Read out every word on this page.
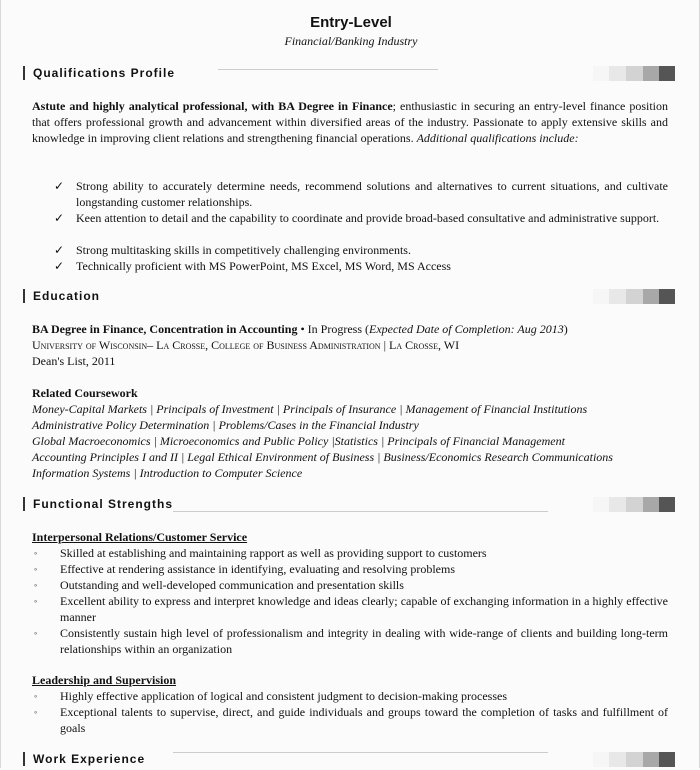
Entry-Level
Financial/Banking Industry
Qualifications Profile
Astute and highly analytical professional, with BA Degree in Finance; enthusiastic in securing an entry-level finance position that offers professional growth and advancement within diversified areas of the industry. Passionate to apply extensive skills and knowledge in improving client relations and strengthening financial operations. Additional qualifications include:
✓ Strong ability to accurately determine needs, recommend solutions and alternatives to current situations, and cultivate longstanding customer relationships.
✓ Keen attention to detail and the capability to coordinate and provide broad-based consultative and administrative support.
✓ Strong multitasking skills in competitively challenging environments.
✓ Technically proficient with MS PowerPoint, MS Excel, MS Word, MS Access
Education
BA Degree in Finance, Concentration in Accounting • In Progress (Expected Date of Completion: Aug 2013)
University of Wisconsin– La Crosse, College of Business Administration | La Crosse, WI
Dean's List, 2011
Related Coursework
Money-Capital Markets | Principals of Investment | Principals of Insurance | Management of Financial Institutions
Administrative Policy Determination | Problems/Cases in the Financial Industry
Global Macroeconomics | Microeconomics and Public Policy |Statistics | Principals of Financial Management
Accounting Principles I and II | Legal Ethical Environment of Business | Business/Economics Research Communications
Information Systems | Introduction to Computer Science
Functional Strengths
Interpersonal Relations/Customer Service
◦ Skilled at establishing and maintaining rapport as well as providing support to customers
◦ Effective at rendering assistance in identifying, evaluating and resolving problems
◦ Outstanding and well-developed communication and presentation skills
◦ Excellent ability to express and interpret knowledge and ideas clearly; capable of exchanging information in a highly effective manner
◦ Consistently sustain high level of professionalism and integrity in dealing with wide-range of clients and building long-term relationships within an organization
Leadership and Supervision
◦ Highly effective application of logical and consistent judgment to decision-making processes
◦ Exceptional talents to supervise, direct, and guide individuals and groups toward the completion of tasks and fulfillment of goals
Work Experience
